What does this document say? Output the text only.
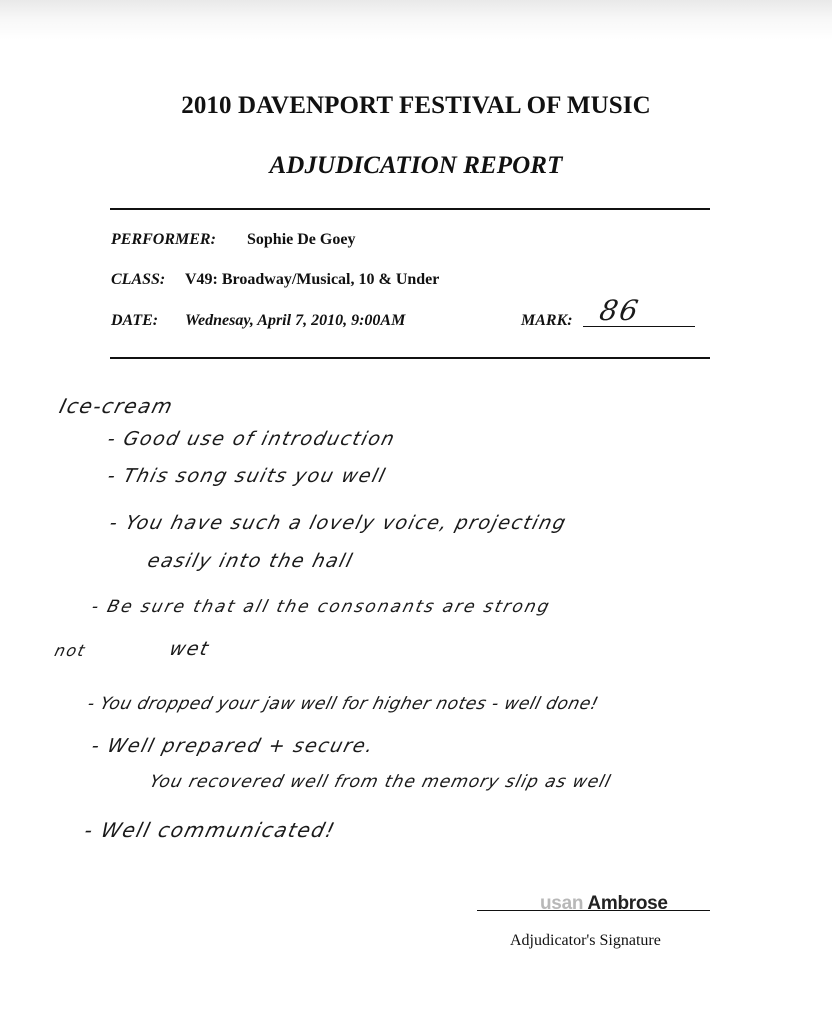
2010 DAVENPORT FESTIVAL OF MUSIC
ADJUDICATION REPORT
PERFORMER: Sophie De Goey
CLASS: V49: Broadway/Musical, 10 & Under
DATE: Wednesay, April 7, 2010, 9:00AM	MARK: 86
Ice-cream
- Good use of introduction
- This song suits you well
- You have such a lovely voice, projecting
easily into the hall
- Be sure that all the consonants are strong
not	wet
- You dropped your jaw well for higher notes - well done!
- Well prepared + secure.
You recovered well from the memory slip as well
- Well communicated!
usan Ambrose
Adjudicator's Signature
